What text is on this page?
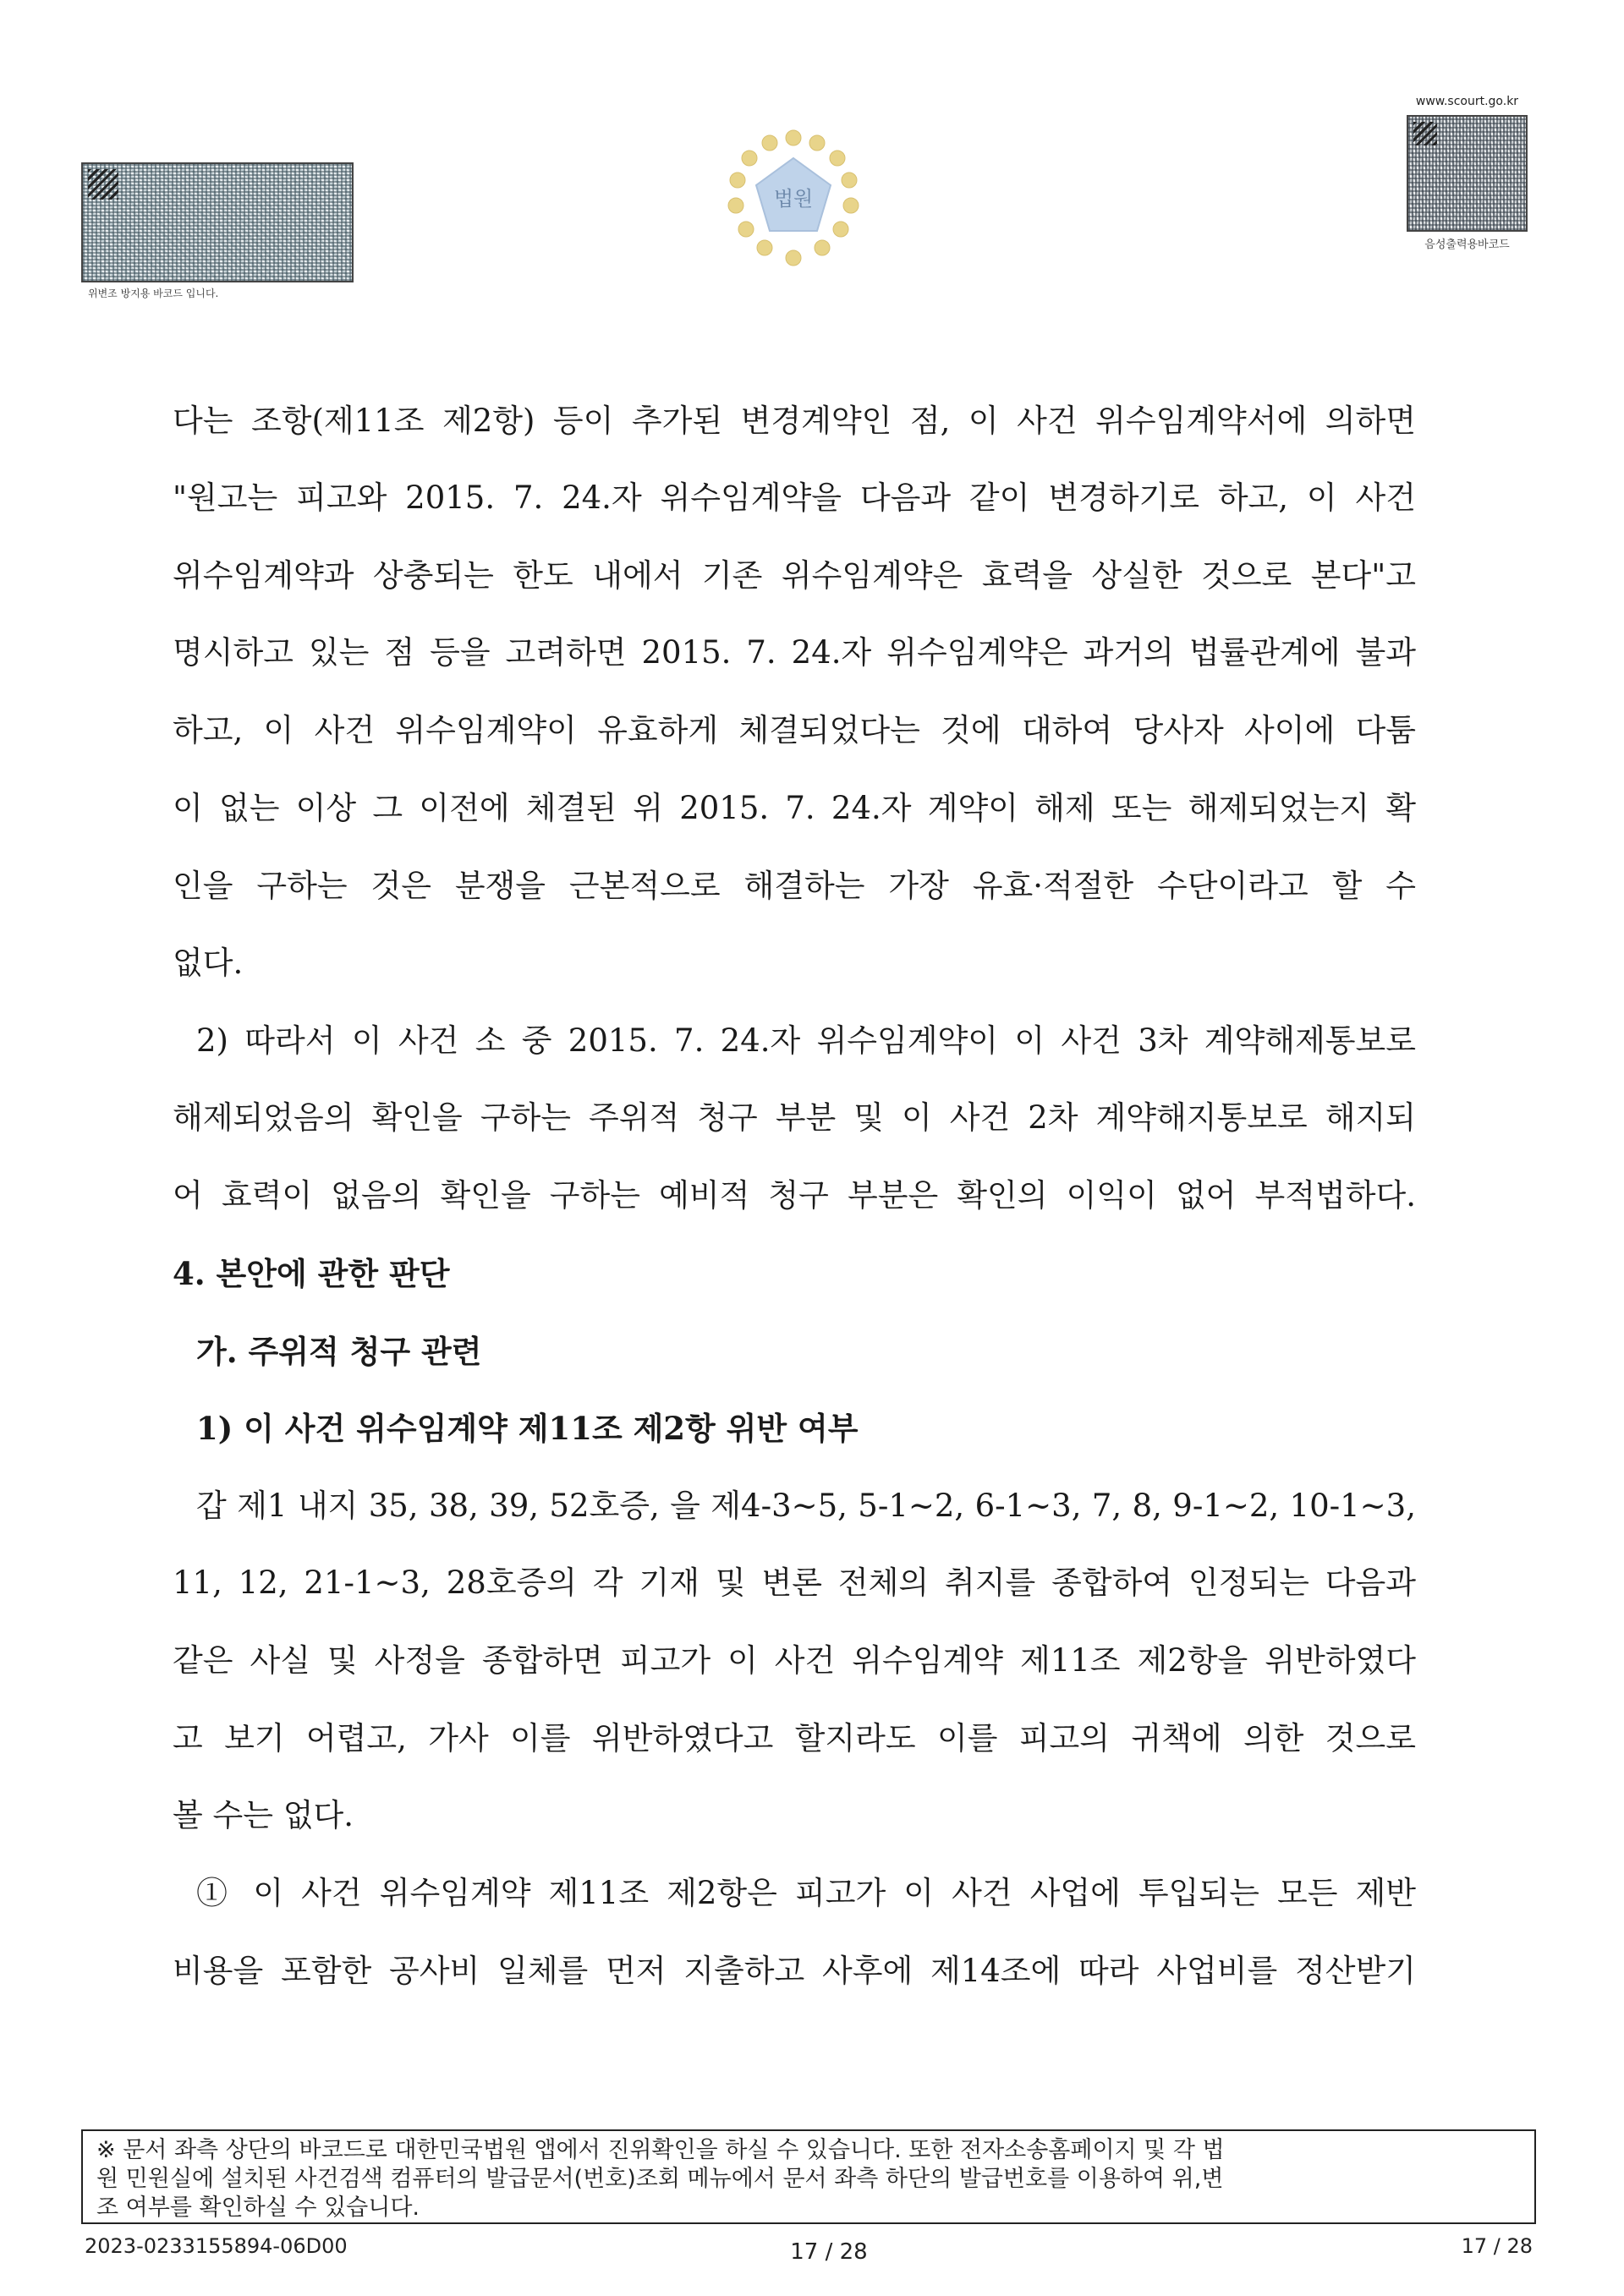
위변조 방지용 바코드 입니다.
법원
www.scourt.go.kr
음성출력용바코드
다는 조항(제11조 제2항) 등이 추가된 변경계약인 점, 이 사건 위수임계약서에 의하면
"원고는 피고와 2015. 7. 24.자 위수임계약을 다음과 같이 변경하기로 하고, 이 사건
위수임계약과 상충되는 한도 내에서 기존 위수임계약은 효력을 상실한 것으로 본다"고
명시하고 있는 점 등을 고려하면 2015. 7. 24.자 위수임계약은 과거의 법률관계에 불과
하고, 이 사건 위수임계약이 유효하게 체결되었다는 것에 대하여 당사자 사이에 다툼
이 없는 이상 그 이전에 체결된 위 2015. 7. 24.자 계약이 해제 또는 해제되었는지 확
인을 구하는 것은 분쟁을 근본적으로 해결하는 가장 유효·적절한 수단이라고 할 수
없다.
2) 따라서 이 사건 소 중 2015. 7. 24.자 위수임계약이 이 사건 3차 계약해제통보로
해제되었음의 확인을 구하는 주위적 청구 부분 및 이 사건 2차 계약해지통보로 해지되
어 효력이 없음의 확인을 구하는 예비적 청구 부분은 확인의 이익이 없어 부적법하다.
4. 본안에 관한 판단
가. 주위적 청구 관련
1) 이 사건 위수임계약 제11조 제2항 위반 여부
갑 제1 내지 35, 38, 39, 52호증, 을 제4-3~5, 5-1~2, 6-1~3, 7, 8, 9-1~2, 10-1~3,
11, 12, 21-1~3, 28호증의 각 기재 및 변론 전체의 취지를 종합하여 인정되는 다음과
같은 사실 및 사정을 종합하면 피고가 이 사건 위수임계약 제11조 제2항을 위반하였다
고 보기 어렵고, 가사 이를 위반하였다고 할지라도 이를 피고의 귀책에 의한 것으로
볼 수는 없다.
① 이 사건 위수임계약 제11조 제2항은 피고가 이 사건 사업에 투입되는 모든 제반
비용을 포함한 공사비 일체를 먼저 지출하고 사후에 제14조에 따라 사업비를 정산받기
※ 문서 좌측 상단의 바코드로 대한민국법원 앱에서 진위확인을 하실 수 있습니다. 또한 전자소송홈페이지 및 각 법
원 민원실에 설치된 사건검색 컴퓨터의 발급문서(번호)조회 메뉴에서 문서 좌측 하단의 발급번호를 이용하여 위,변
조 여부를 확인하실 수 있습니다.
2023-0233155894-06D00	17 / 28	17 / 28
